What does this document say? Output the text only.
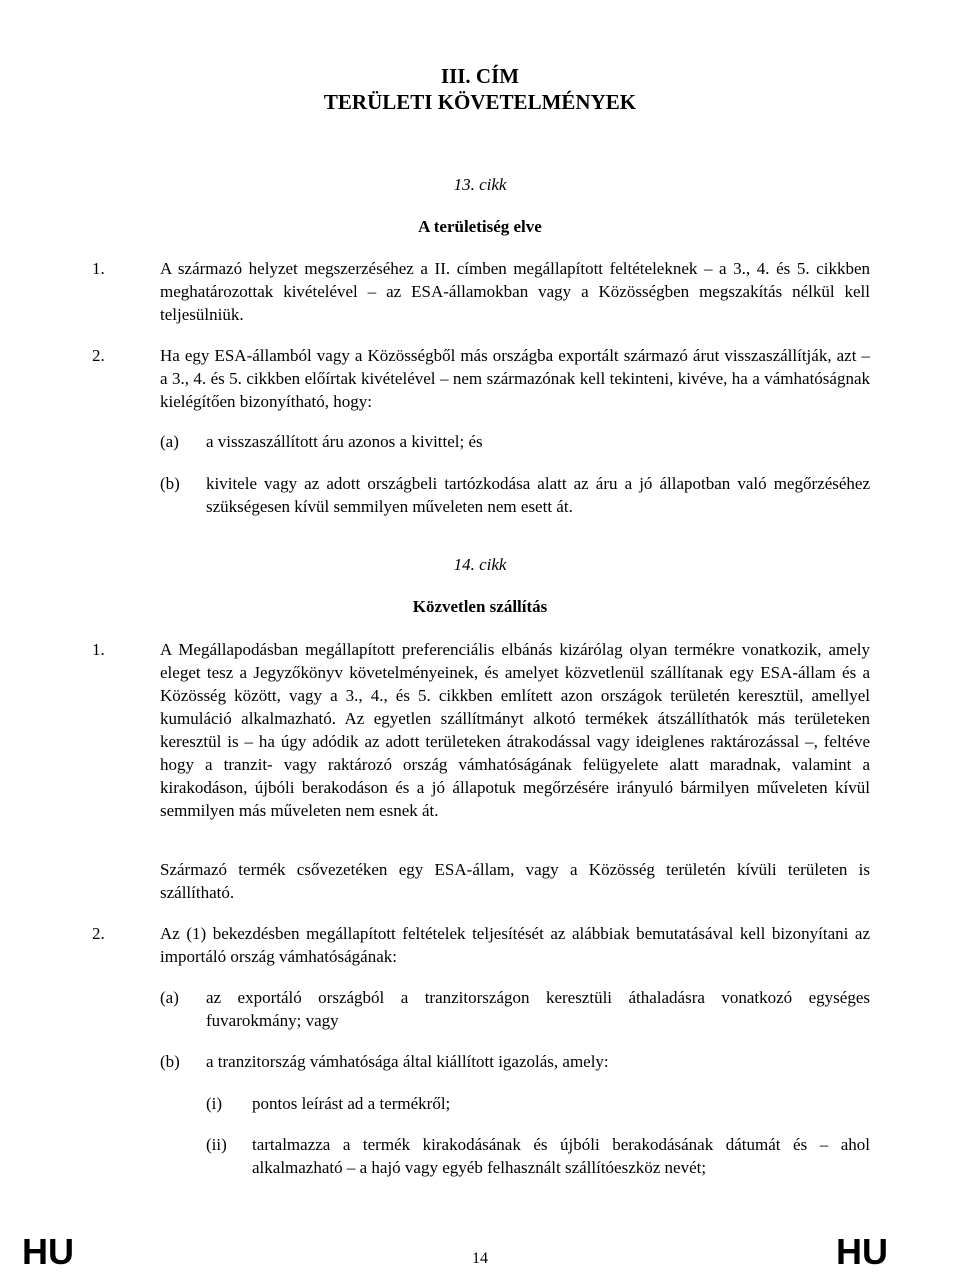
III. CÍM
TERÜLETI KÖVETELMÉNYEK
13. cikk
A területiség elve
1.	A származó helyzet megszerzéséhez a II. címben megállapított feltételeknek – a 3., 4. és 5. cikkben meghatározottak kivételével – az ESA-államokban vagy a Közösségben megszakítás nélkül kell teljesülniük.
2.	Ha egy ESA-államból vagy a Közösségből más országba exportált származó árut visszaszállítják, azt – a 3., 4. és 5. cikkben előírtak kivételével – nem származónak kell tekinteni, kivéve, ha a vámhatóságnak kielégítően bizonyítható, hogy:
(a) a visszaszállított áru azonos a kivittel; és
(b) kivitele vagy az adott országbeli tartózkodása alatt az áru a jó állapotban való megőrzéséhez szükségesen kívül semmilyen műveleten nem esett át.
14. cikk
Közvetlen szállítás
1.	A Megállapodásban megállapított preferenciális elbánás kizárólag olyan termékre vonatkozik, amely eleget tesz a Jegyzőkönyv követelményeinek, és amelyet közvetlenül szállítanak egy ESA-állam és a Közösség között, vagy a 3., 4., és 5. cikkben említett azon országok területén keresztül, amellyel kumuláció alkalmazható. Az egyetlen szállítmányt alkotó termékek átszállíthatók más területeken keresztül is – ha úgy adódik az adott területeken átrakodással vagy ideiglenes raktározással –, feltéve hogy a tranzit- vagy raktározó ország vámhatóságának felügyelete alatt maradnak, valamint a kirakodáson, újbóli berakodáson és a jó állapotuk megőrzésére irányuló bármilyen műveleten kívül semmilyen más műveleten nem esnek át.
Származó termék csővezetéken egy ESA-állam, vagy a Közösség területén kívüli területen is szállítható.
2.	Az (1) bekezdésben megállapított feltételek teljesítését az alábbiak bemutatásával kell bizonyítani az importáló ország vámhatóságának:
(a) az exportáló országból a tranzitországon keresztüli áthaladásra vonatkozó egységes fuvarokmány; vagy
(b) a tranzitország vámhatósága által kiállított igazolás, amely:
(i) pontos leírást ad a termékről;
(ii) tartalmazza a termék kirakodásának és újbóli berakodásának dátumát és – ahol alkalmazható – a hajó vagy egyéb felhasznált szállítóeszköz nevét;
HU	14	HU
